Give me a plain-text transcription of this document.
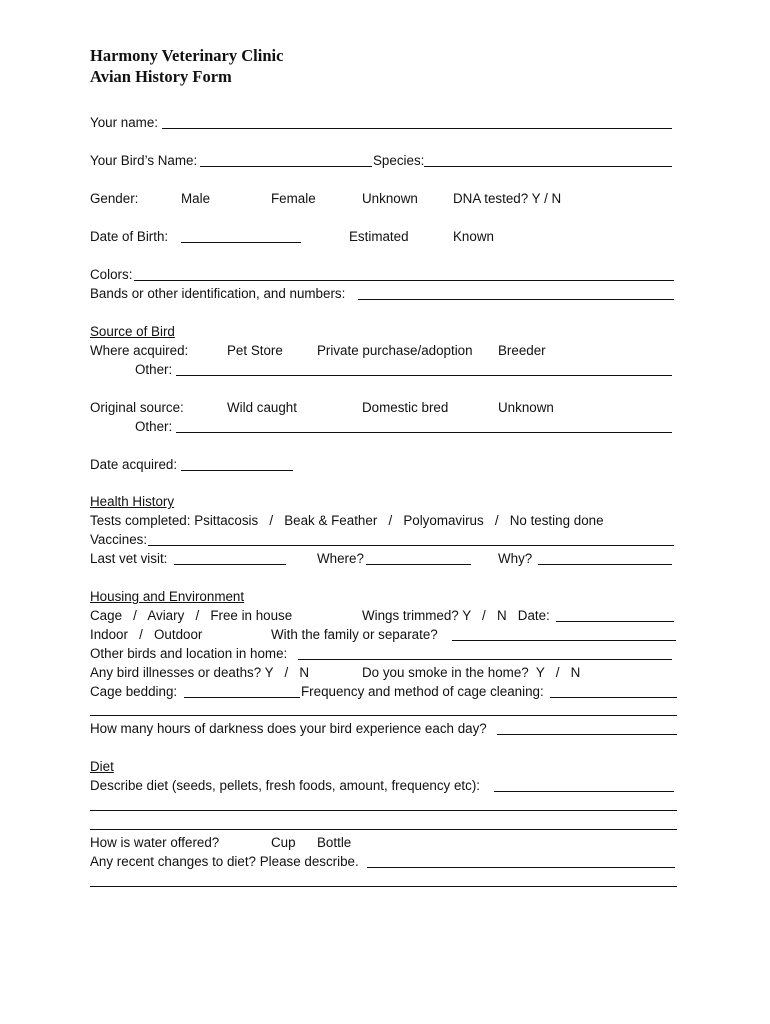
Harmony Veterinary Clinic
Avian History Form
Your name:
Your Bird’s Name:	Species:
Gender:	Male	Female	Unknown	DNA tested? Y / N
Date of Birth:	Estimated	Known
Colors:
Bands or other identification, and numbers:
Source of Bird
Where acquired:	Pet Store	Private purchase/adoption Breeder
Other:
Original source:	Wild caught	Domestic bred	Unknown
Other:
Date acquired:
Health History
Tests completed: Psittacosis   /   Beak & Feather   /   Polyomavirus   /   No testing done
Vaccines:
Last vet visit:	Where?	Why?
Housing and Environment
Cage   /   Aviary   /   Free in house	Wings trimmed? Y   /   N   Date:
Indoor   /   Outdoor	With the family or separate?
Other birds and location in home:
Any bird illnesses or deaths? Y   /   N	Do you smoke in the home?  Y   /   N
Cage bedding:	Frequency and method of cage cleaning:
How many hours of darkness does your bird experience each day?
Diet
Describe diet (seeds, pellets, fresh foods, amount, frequency etc):
How is water offered?	Cup Bottle
Any recent changes to diet? Please describe.
